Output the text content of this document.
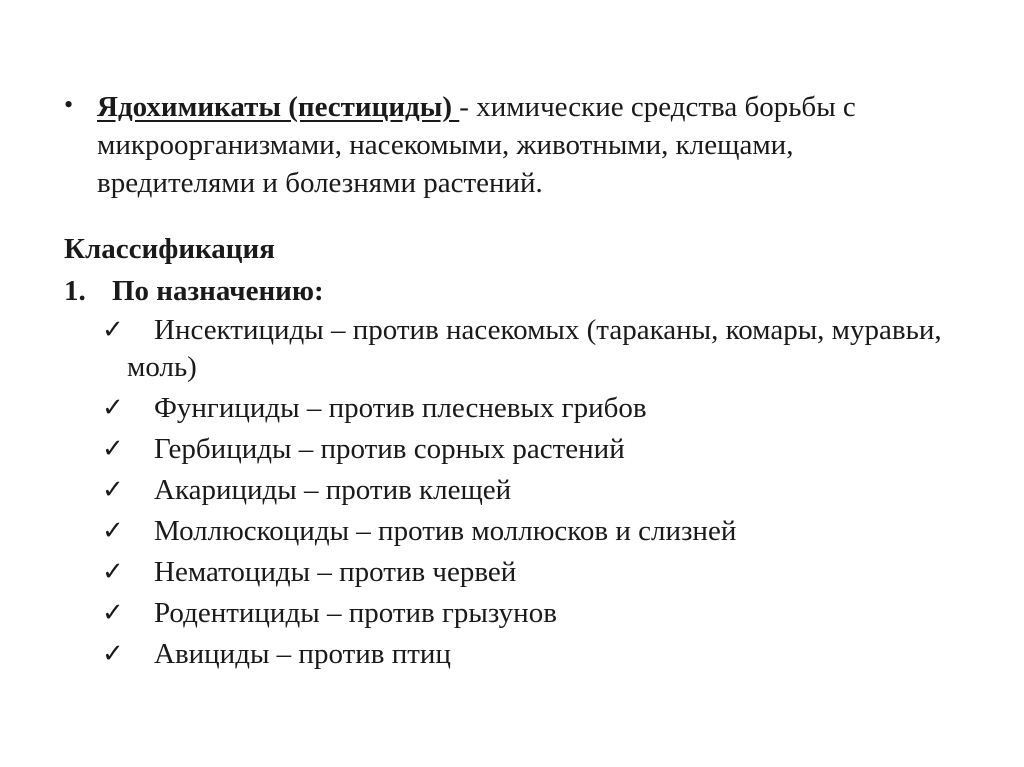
• Ядохимикаты (пестициды) - химические средства борьбы с
микроорганизмами, насекомыми, животными, клещами,
вредителями и болезнями растений.
Классификация
1. По назначению:
✓ Инсектициды – против насекомых (тараканы, комары, муравьи,
моль)
✓ Фунгициды – против плесневых грибов
✓ Гербициды – против сорных растений
✓ Акарициды – против клещей
✓ Моллюскоциды – против моллюсков и слизней
✓ Нематоциды – против червей
✓ Родентициды – против грызунов
✓ Авициды – против птиц
